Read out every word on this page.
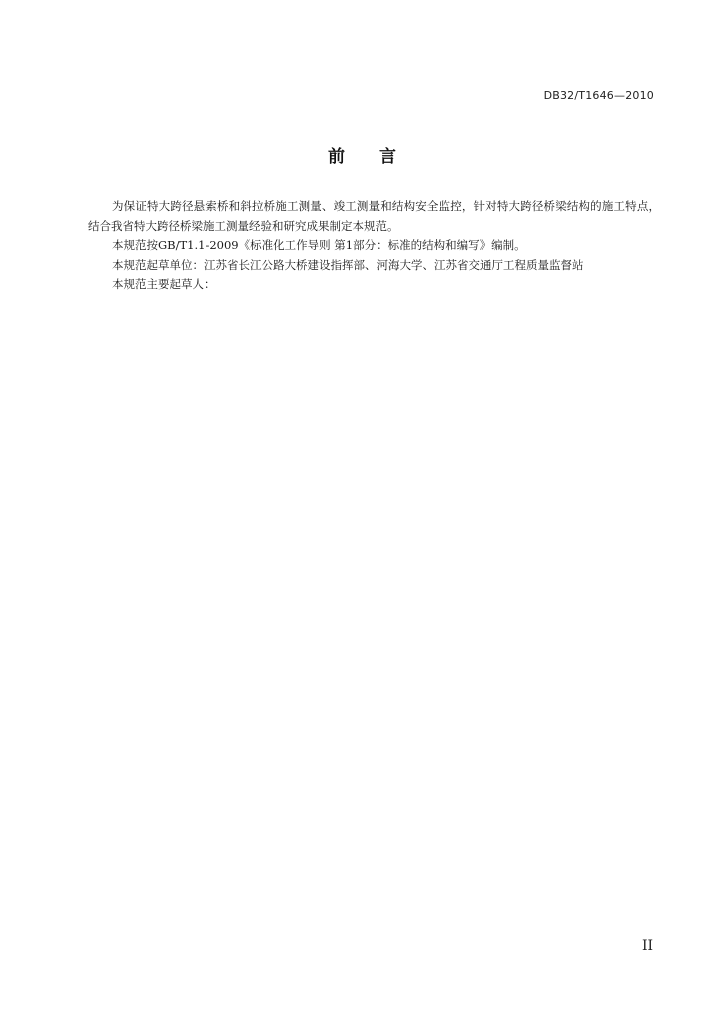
DB32/T1646—2010
前 言

为保证特大跨径悬索桥和斜拉桥施工测量、竣工测量和结构安全监控，针对特大跨径桥梁结构的施工特点，结合我省特大跨径桥梁施工测量经验和研究成果制定本规范。

本规范按GB/T1.1-2009《标准化工作导则 第1部分：标准的结构和编写》编制。

本规范起草单位：江苏省长江公路大桥建设指挥部、河海大学、江苏省交通厅工程质量监督站

本规范主要起草人：

II
